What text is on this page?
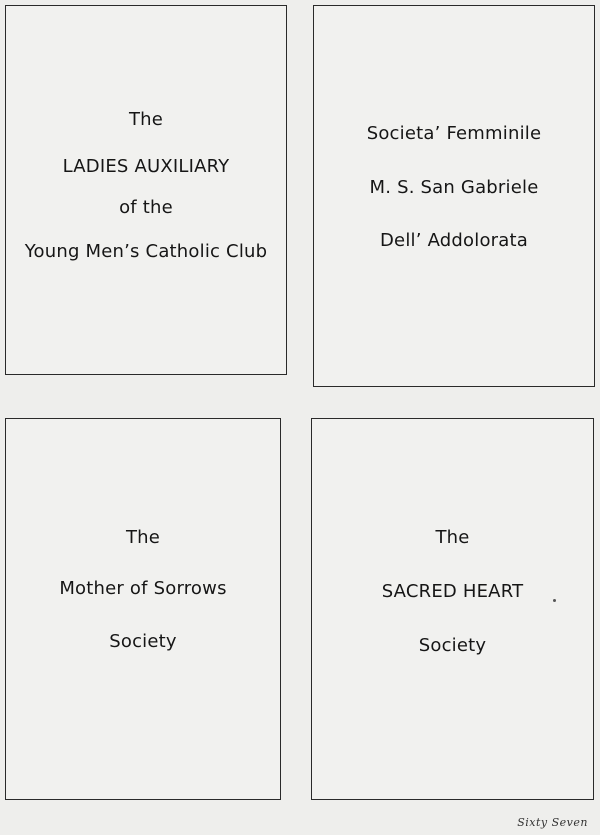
The
LADIES AUXILIARY
of the
Young Men’s Catholic Club
Societa’ Femminile
M. S. San Gabriele
Dell’ Addolorata
The
Mother of Sorrows
Society
The
SACRED HEART
Society
Sixty Seven
